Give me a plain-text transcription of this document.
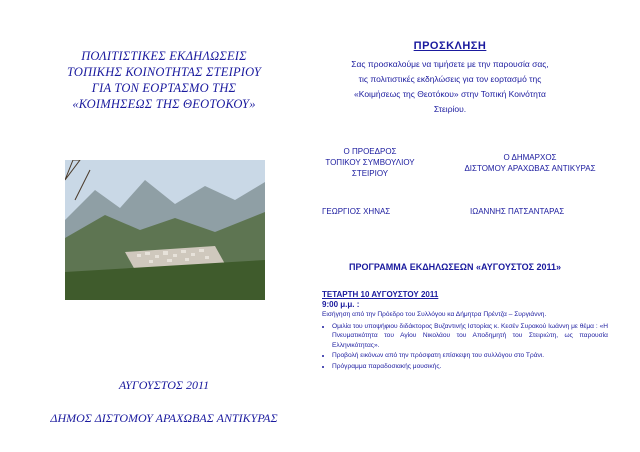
ΠΟΛΙΤΙΣΤΙΚΕΣ ΕΚΔΗΛΩΣΕΙΣ
ΤΟΠΙΚΗΣ ΚΟΙΝΟΤΗΤΑΣ ΣΤΕΙΡΙΟΥ
ΓΙΑ ΤΟΝ ΕΟΡΤΑΣΜΟ ΤΗΣ
«ΚΟΙΜΗΣΕΩΣ ΤΗΣ ΘΕΟΤΟΚΟΥ»
ΑΥΓΟΥΣΤΟΣ 2011
ΔΗΜΟΣ ΔΙΣΤΟΜΟΥ ΑΡΑΧΩΒΑΣ ΑΝΤΙΚΥΡΑΣ
ΠΡΟΣΚΛΗΣΗ
Σας προσκαλούμε να τιμήσετε με την παρουσία σας,
τις πολιτιστικές εκδηλώσεις για τον εορτασμό της
«Κοιμήσεως της Θεοτόκου» στην Τοπική Κοινότητα
Στειρίου.
Ο ΠΡΟΕΔΡΟΣ
ΤΟΠΙΚΟΥ ΣΥΜΒΟΥΛΙΟΥ
ΣΤΕΙΡΙΟΥ
Ο ΔΗΜΑΡΧΟΣ
ΔΙΣΤΟΜΟΥ ΑΡΑΧΩΒΑΣ ΑΝΤΙΚΥΡΑΣ
ΓΕΩΡΓΙΟΣ ΧΗΝΑΣ	ΙΩΑΝΝΗΣ ΠΑΤΣΑΝΤΑΡΑΣ
ΠΡΟΓΡΑΜΜΑ ΕΚΔΗΛΩΣΕΩΝ «ΑΥΓΟΥΣΤΟΣ 2011»
ΤΕΤΑΡΤΗ 10 ΑΥΓΟΥΣΤΟΥ 2011
9:00 μ.μ. :
Εισήγηση από την Πρόεδρο του Συλλόγου κα Δήμητρα Πρέντζα – Συργιάννη.
• Ομιλία του υποψήφιου διδάκτορος Βυζαντινής Ιστορίας κ. Κεσέν Συρακού Ιωάννη με θέμα : «Η Πνευματικότητα του Αγίου Νικολάου του Αποδημητή του Στειριώτη, ως παρουσία Ελληνικότητας».
• Προβολή εικόνων από την πρόσφατη επίσκεψη του συλλόγου στο Τράνι.
• Πρόγραμμα παραδοσιακής μουσικής.
